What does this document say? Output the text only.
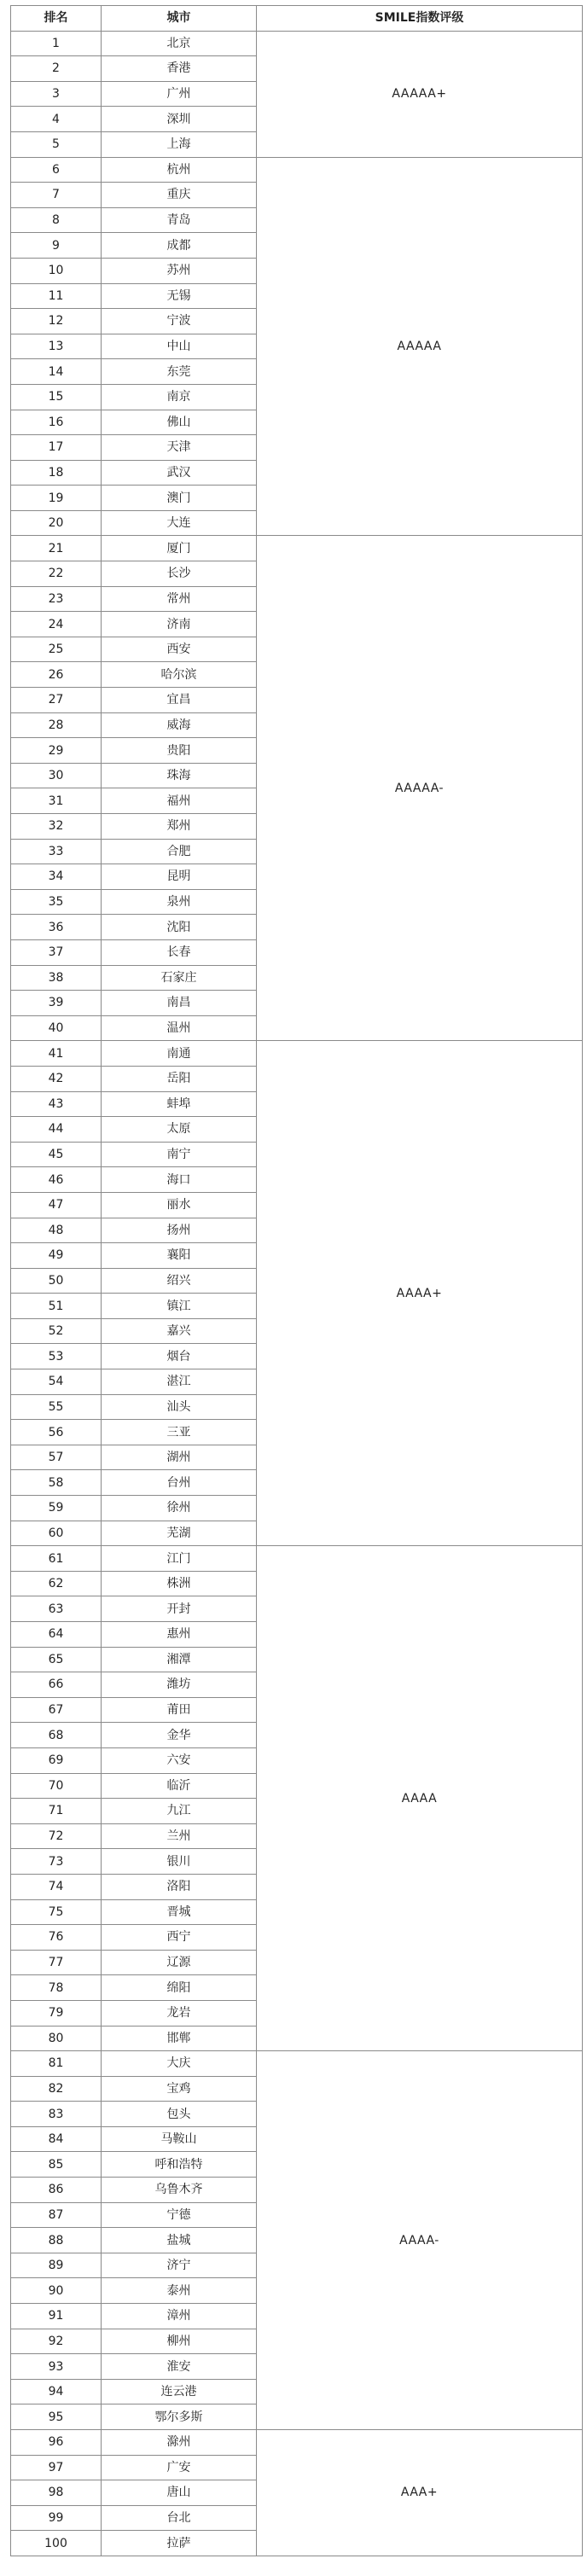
排名	城市	SMILE指数评级
1	北京	AAAAA+
2	香港	
3	广州	
4	深圳	
5	上海	
6	杭州	AAAAA
7	重庆	
8	青岛	
9	成都	
10	苏州	
11	无锡	
12	宁波	
13	中山	
14	东莞	
15	南京	
16	佛山	
17	天津	
18	武汉	
19	澳门	
20	大连	
21	厦门	AAAAA-
22	长沙	
23	常州	
24	济南	
25	西安	
26	哈尔滨	
27	宜昌	
28	威海	
29	贵阳	
30	珠海	
31	福州	
32	郑州	
33	合肥	
34	昆明	
35	泉州	
36	沈阳	
37	长春	
38	石家庄	
39	南昌	
40	温州	
41	南通	AAAA+
42	岳阳	
43	蚌埠	
44	太原	
45	南宁	
46	海口	
47	丽水	
48	扬州	
49	襄阳	
50	绍兴	
51	镇江	
52	嘉兴	
53	烟台	
54	湛江	
55	汕头	
56	三亚	
57	湖州	
58	台州	
59	徐州	
60	芜湖	
61	江门	AAAA
62	株洲	
63	开封	
64	惠州	
65	湘潭	
66	潍坊	
67	莆田	
68	金华	
69	六安	
70	临沂	
71	九江	
72	兰州	
73	银川	
74	洛阳	
75	晋城	
76	西宁	
77	辽源	
78	绵阳	
79	龙岩	
80	邯郸	
81	大庆	AAAA-
82	宝鸡	
83	包头	
84	马鞍山	
85	呼和浩特	
86	乌鲁木齐	
87	宁德	
88	盐城	
89	济宁	
90	泰州	
91	漳州	
92	柳州	
93	淮安	
94	连云港	
95	鄂尔多斯	
96	滁州	AAA+
97	广安	
98	唐山	
99	台北	
100	拉萨	
